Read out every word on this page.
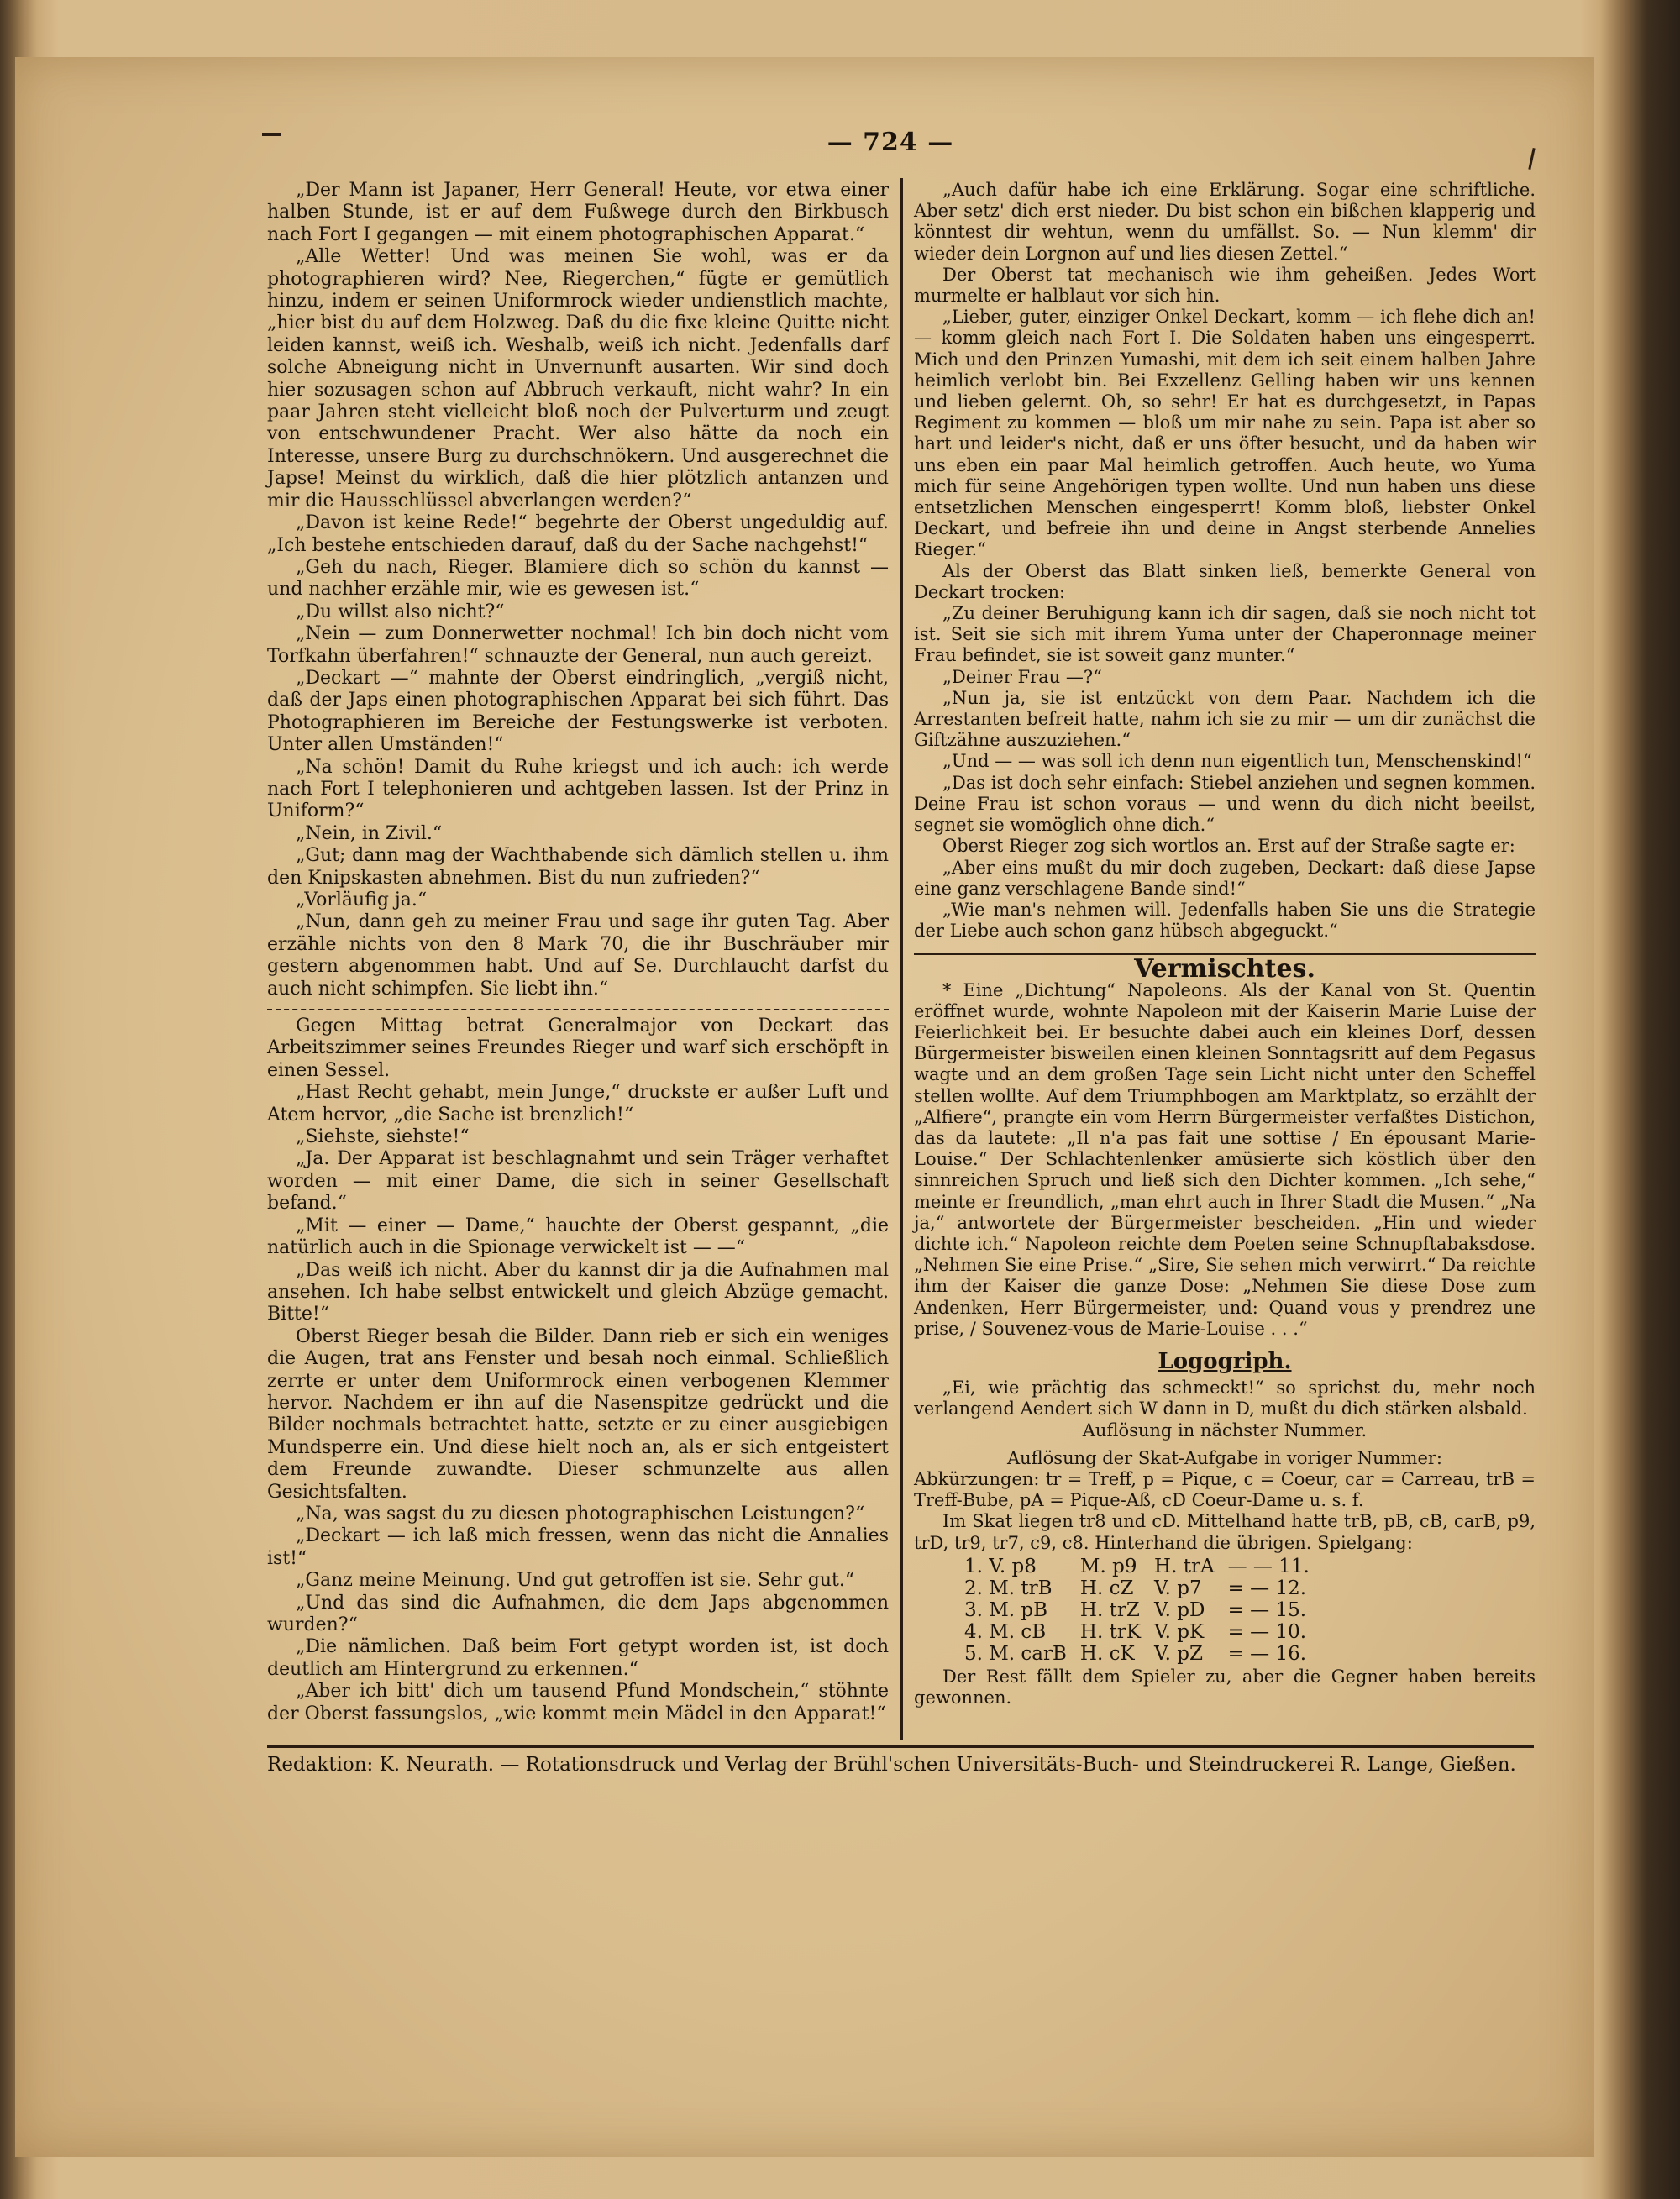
— 724 —

„Der Mann ist Japaner, Herr General! Heute, vor etwa einer halben Stunde, ist er auf dem Fußwege durch den Birkbusch nach Fort I gegangen — mit einem photographischen Apparat.“

„Alle Wetter! Und was meinen Sie wohl, was er da photographieren wird? Nee, Riegerchen,“ fügte er gemütlich hinzu, indem er seinen Uniformrock wieder undienstlich machte, „hier bist du auf dem Holzweg. Daß du die fixe kleine Quitte nicht leiden kannst, weiß ich. Weshalb, weiß ich nicht. Jedenfalls darf solche Abneigung nicht in Unvernunft ausarten. Wir sind doch hier sozusagen schon auf Abbruch verkauft, nicht wahr? In ein paar Jahren steht vielleicht bloß noch der Pulverturm und zeugt von entschwundener Pracht. Wer also hätte da noch ein Interesse, unsere Burg zu durchschnökern. Und ausgerechnet die Japse! Meinst du wirklich, daß die hier plötzlich antanzen und mir die Hausschlüssel abverlangen werden?“

„Davon ist keine Rede!“ begehrte der Oberst ungeduldig auf. „Ich bestehe entschieden darauf, daß du der Sache nachgehst!“

„Geh du nach, Rieger. Blamiere dich so schön du kannst — und nachher erzähle mir, wie es gewesen ist.“

„Du willst also nicht?“

„Nein — zum Donnerwetter nochmal! Ich bin doch nicht vom Torfkahn überfahren!“ schnauzte der General, nun auch gereizt.

„Deckart —“ mahnte der Oberst eindringlich, „vergiß nicht, daß der Japs einen photographischen Apparat bei sich führt. Das Photographieren im Bereiche der Festungswerke ist verboten. Unter allen Umständen!“

„Na schön! Damit du Ruhe kriegst und ich auch: ich werde nach Fort I telephonieren und achtgeben lassen. Ist der Prinz in Uniform?“

„Nein, in Zivil.“

„Gut; dann mag der Wachthabende sich dämlich stellen u. ihm den Knipskasten abnehmen. Bist du nun zufrieden?“

„Vorläufig ja.“

„Nun, dann geh zu meiner Frau und sage ihr guten Tag. Aber erzähle nichts von den 8 Mark 70, die ihr Buschräuber mir gestern abgenommen habt. Und auf Se. Durchlaucht darfst du auch nicht schimpfen. Sie liebt ihn.“

Gegen Mittag betrat Generalmajor von Deckart das Arbeitszimmer seines Freundes Rieger und warf sich erschöpft in einen Sessel.

„Hast Recht gehabt, mein Junge,“ druckste er außer Luft und Atem hervor, „die Sache ist brenzlich!“

„Siehste, siehste!“

„Ja. Der Apparat ist beschlagnahmt und sein Träger verhaftet worden — mit einer Dame, die sich in seiner Gesellschaft befand.“

„Mit — einer — Dame,“ hauchte der Oberst gespannt, „die natürlich auch in die Spionage verwickelt ist — —“

„Das weiß ich nicht. Aber du kannst dir ja die Aufnahmen mal ansehen. Ich habe selbst entwickelt und gleich Abzüge gemacht. Bitte!“

Oberst Rieger besah die Bilder. Dann rieb er sich ein weniges die Augen, trat ans Fenster und besah noch einmal. Schließlich zerrte er unter dem Uniformrock einen verbogenen Klemmer hervor. Nachdem er ihn auf die Nasenspitze gedrückt und die Bilder nochmals betrachtet hatte, setzte er zu einer ausgiebigen Mundsperre ein. Und diese hielt noch an, als er sich entgeistert dem Freunde zuwandte. Dieser schmunzelte aus allen Gesichtsfalten.

„Na, was sagst du zu diesen photographischen Leistungen?“

„Deckart — ich laß mich fressen, wenn das nicht die Annalies ist!“

„Ganz meine Meinung. Und gut getroffen ist sie. Sehr gut.“

„Und das sind die Aufnahmen, die dem Japs abgenommen wurden?“

„Die nämlichen. Daß beim Fort getypt worden ist, ist doch deutlich am Hintergrund zu erkennen.“

„Aber ich bitt' dich um tausend Pfund Mondschein,“ stöhnte der Oberst fassungslos, „wie kommt mein Mädel in den Apparat!“

„Auch dafür habe ich eine Erklärung. Sogar eine schriftliche. Aber setz' dich erst nieder. Du bist schon ein bißchen klapperig und könntest dir wehtun, wenn du umfällst. So. — Nun klemm' dir wieder dein Lorgnon auf und lies diesen Zettel.“

Der Oberst tat mechanisch wie ihm geheißen. Jedes Wort murmelte er halblaut vor sich hin.

„Lieber, guter, einziger Onkel Deckart, komm — ich flehe dich an! — komm gleich nach Fort I. Die Soldaten haben uns eingesperrt. Mich und den Prinzen Yumashi, mit dem ich seit einem halben Jahre heimlich verlobt bin. Bei Exzellenz Gelling haben wir uns kennen und lieben gelernt. Oh, so sehr! Er hat es durchgesetzt, in Papas Regiment zu kommen — bloß um mir nahe zu sein. Papa ist aber so hart und leider's nicht, daß er uns öfter besucht, und da haben wir uns eben ein paar Mal heimlich getroffen. Auch heute, wo Yuma mich für seine Angehörigen typen wollte. Und nun haben uns diese entsetzlichen Menschen eingesperrt! Komm bloß, liebster Onkel Deckart, und befreie ihn und deine in Angst sterbende Annelies Rieger.“

Als der Oberst das Blatt sinken ließ, bemerkte General von Deckart trocken:

„Zu deiner Beruhigung kann ich dir sagen, daß sie noch nicht tot ist. Seit sie sich mit ihrem Yuma unter der Chaperonnage meiner Frau befindet, sie ist soweit ganz munter.“

„Deiner Frau —?“

„Nun ja, sie ist entzückt von dem Paar. Nachdem ich die Arrestanten befreit hatte, nahm ich sie zu mir — um dir zunächst die Giftzähne auszuziehen.“

„Und — — was soll ich denn nun eigentlich tun, Menschenskind!“

„Das ist doch sehr einfach: Stiebel anziehen und segnen kommen. Deine Frau ist schon voraus — und wenn du dich nicht beeilst, segnet sie womöglich ohne dich.“

Oberst Rieger zog sich wortlos an. Erst auf der Straße sagte er:

„Aber eins mußt du mir doch zugeben, Deckart: daß diese Japse eine ganz verschlagene Bande sind!“

„Wie man's nehmen will. Jedenfalls haben Sie uns die Strategie der Liebe auch schon ganz hübsch abgeguckt.“

Vermischtes.

* Eine „Dichtung“ Napoleons. Als der Kanal von St. Quentin eröffnet wurde, wohnte Napoleon mit der Kaiserin Marie Luise der Feierlichkeit bei. Er besuchte dabei auch ein kleines Dorf, dessen Bürgermeister bisweilen einen kleinen Sonntagsritt auf dem Pegasus wagte und an dem großen Tage sein Licht nicht unter den Scheffel stellen wollte. Auf dem Triumphbogen am Marktplatz, so erzählt der „Alfiere“, prangte ein vom Herrn Bürgermeister verfaßtes Distichon, das da lautete: „Il n'a pas fait une sottise / En épousant Marie-Louise.“ Der Schlachtenlenker amüsierte sich köstlich über den sinnreichen Spruch und ließ sich den Dichter kommen. „Ich sehe,“ meinte er freundlich, „man ehrt auch in Ihrer Stadt die Musen.“ „Na ja,“ antwortete der Bürgermeister bescheiden. „Hin und wieder dichte ich.“ Napoleon reichte dem Poeten seine Schnupftabaksdose. „Nehmen Sie eine Prise.“ „Sire, Sie sehen mich verwirrt.“ Da reichte ihm der Kaiser die ganze Dose: „Nehmen Sie diese Dose zum Andenken, Herr Bürgermeister, und: Quand vous y prendrez une prise, / Souvenez-vous de Marie-Louise . . .“

Logogriph.

„Ei, wie prächtig das schmeckt!“ so sprichst du, mehr noch verlangend Aendert sich W dann in D, mußt du dich stärken alsbald.

Auflösung in nächster Nummer.

Auflösung der Skat-Aufgabe in voriger Nummer:

Abkürzungen: tr = Treff, p = Pique, c = Coeur, car = Carreau, trB = Treff-Bube, pA = Pique-Aß, cD Coeur-Dame u. s. f.

Im Skat liegen tr8 und cD. Mittelhand hatte trB, pB, cB, carB, p9, trD, tr9, tr7, c9, c8. Hinterhand die übrigen. Spielgang:

1. V. p8	M. p9	H. trA	— — 11.
2. M. trB	H. cZ	V. p7	= — 12.
3. M. pB	H. trZ	V. pD	= — 15.
4. M. cB	H. trK	V. pK	= — 10.
5. M. carB	H. cK	V. pZ	= — 16.

Der Rest fällt dem Spieler zu, aber die Gegner haben bereits gewonnen.

Redaktion: K. Neurath. — Rotationsdruck und Verlag der Brühl'schen Universitäts-Buch- und Steindruckerei R. Lange, Gießen.
